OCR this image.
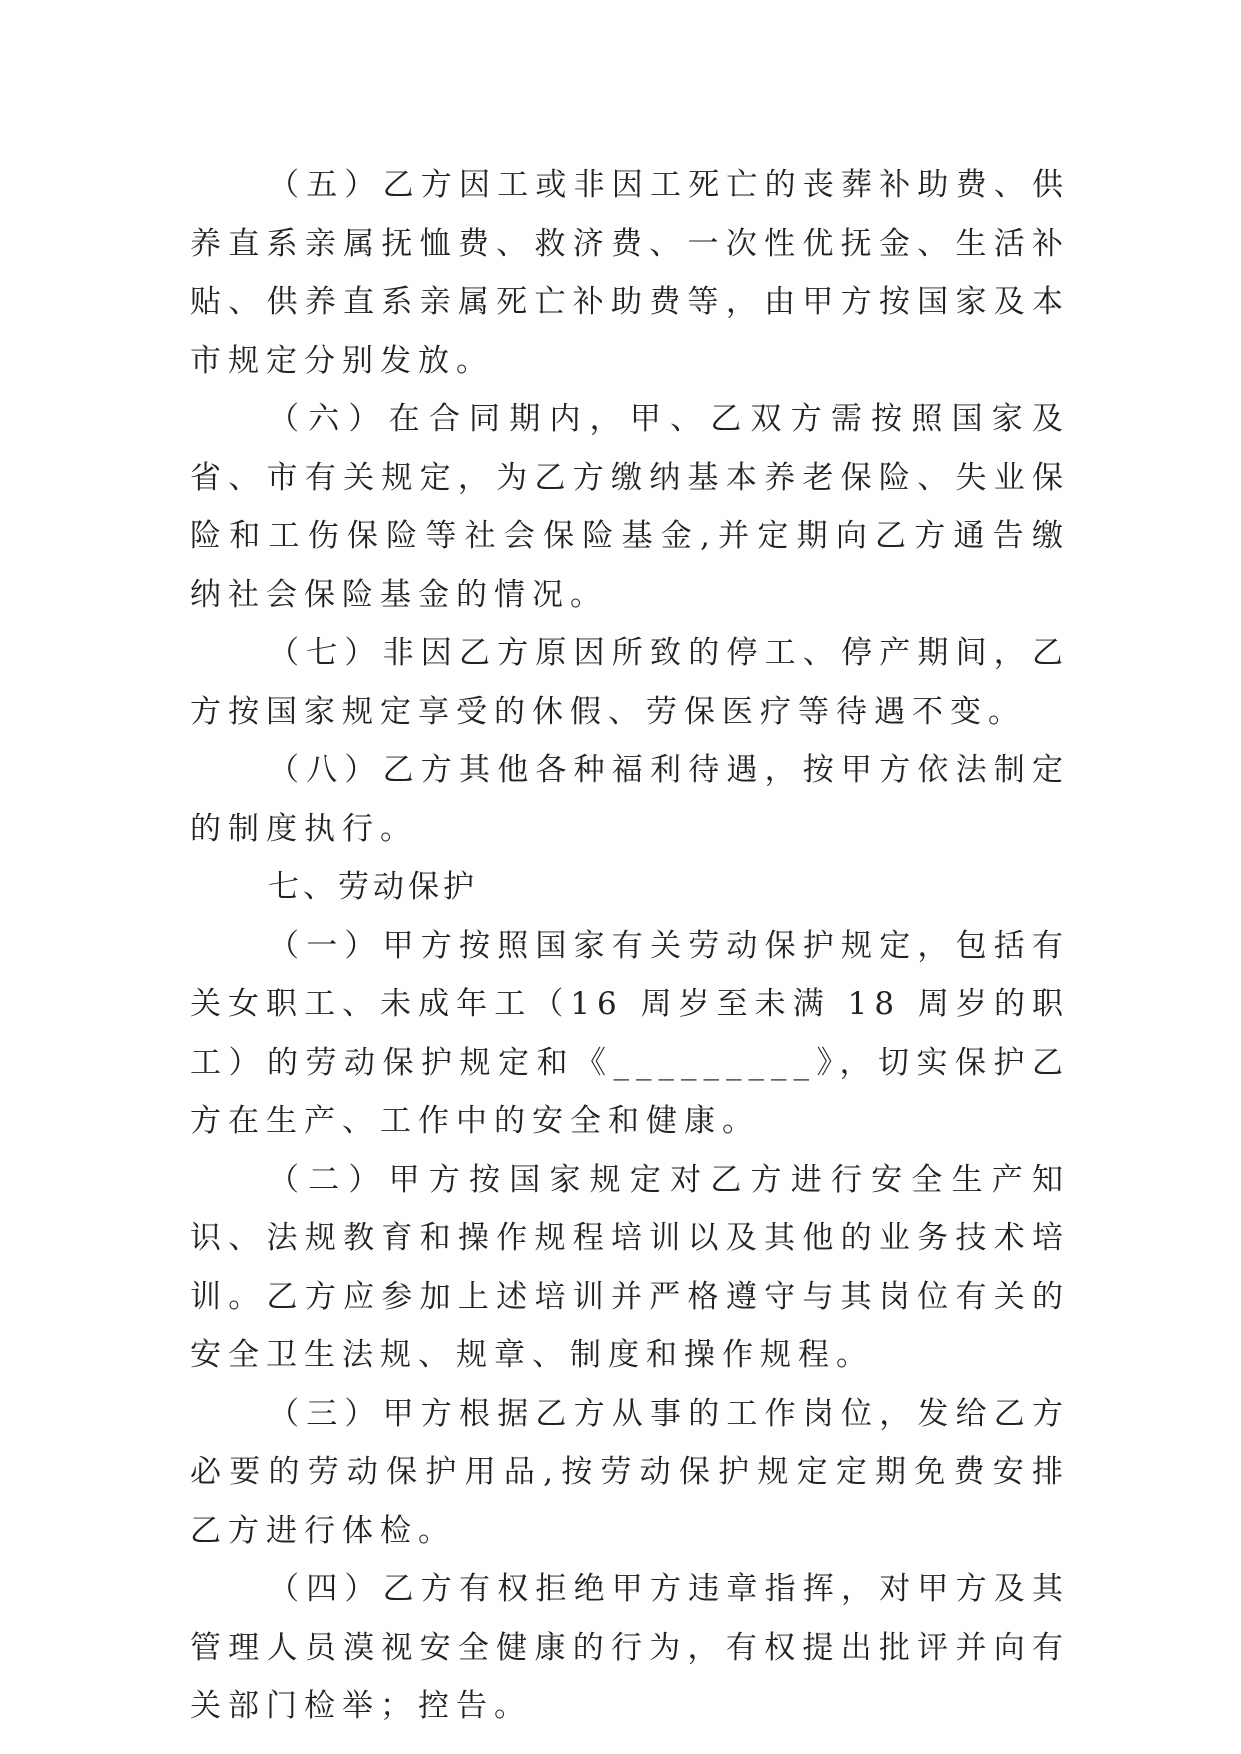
（五）乙方因工或非因工死亡的丧葬补助费、供养直系亲属抚恤费、救济费、一次性优抚金、生活补贴、供养直系亲属死亡补助费等，由甲方按国家及本市规定分别发放。

（六）在合同期内，甲、乙双方需按照国家及省、市有关规定，为乙方缴纳基本养老保险、失业保险和工伤保险等社会保险基金,并定期向乙方通告缴纳社会保险基金的情况。

（七）非因乙方原因所致的停工、停产期间，乙方按国家规定享受的休假、劳保医疗等待遇不变。

（八）乙方其他各种福利待遇，按甲方依法制定的制度执行。

七、劳动保护

（一）甲方按照国家有关劳动保护规定，包括有关女职工、未成年工（16 周岁至未满 18 周岁的职工）的劳动保护规定和《_________》，切实保护乙方在生产、工作中的安全和健康。

（二）甲方按国家规定对乙方进行安全生产知识、法规教育和操作规程培训以及其他的业务技术培训。乙方应参加上述培训并严格遵守与其岗位有关的安全卫生法规、规章、制度和操作规程。

（三）甲方根据乙方从事的工作岗位，发给乙方必要的劳动保护用品,按劳动保护规定定期免费安排乙方进行体检。

（四）乙方有权拒绝甲方违章指挥，对甲方及其管理人员漠视安全健康的行为，有权提出批评并向有关部门检举；控告。
